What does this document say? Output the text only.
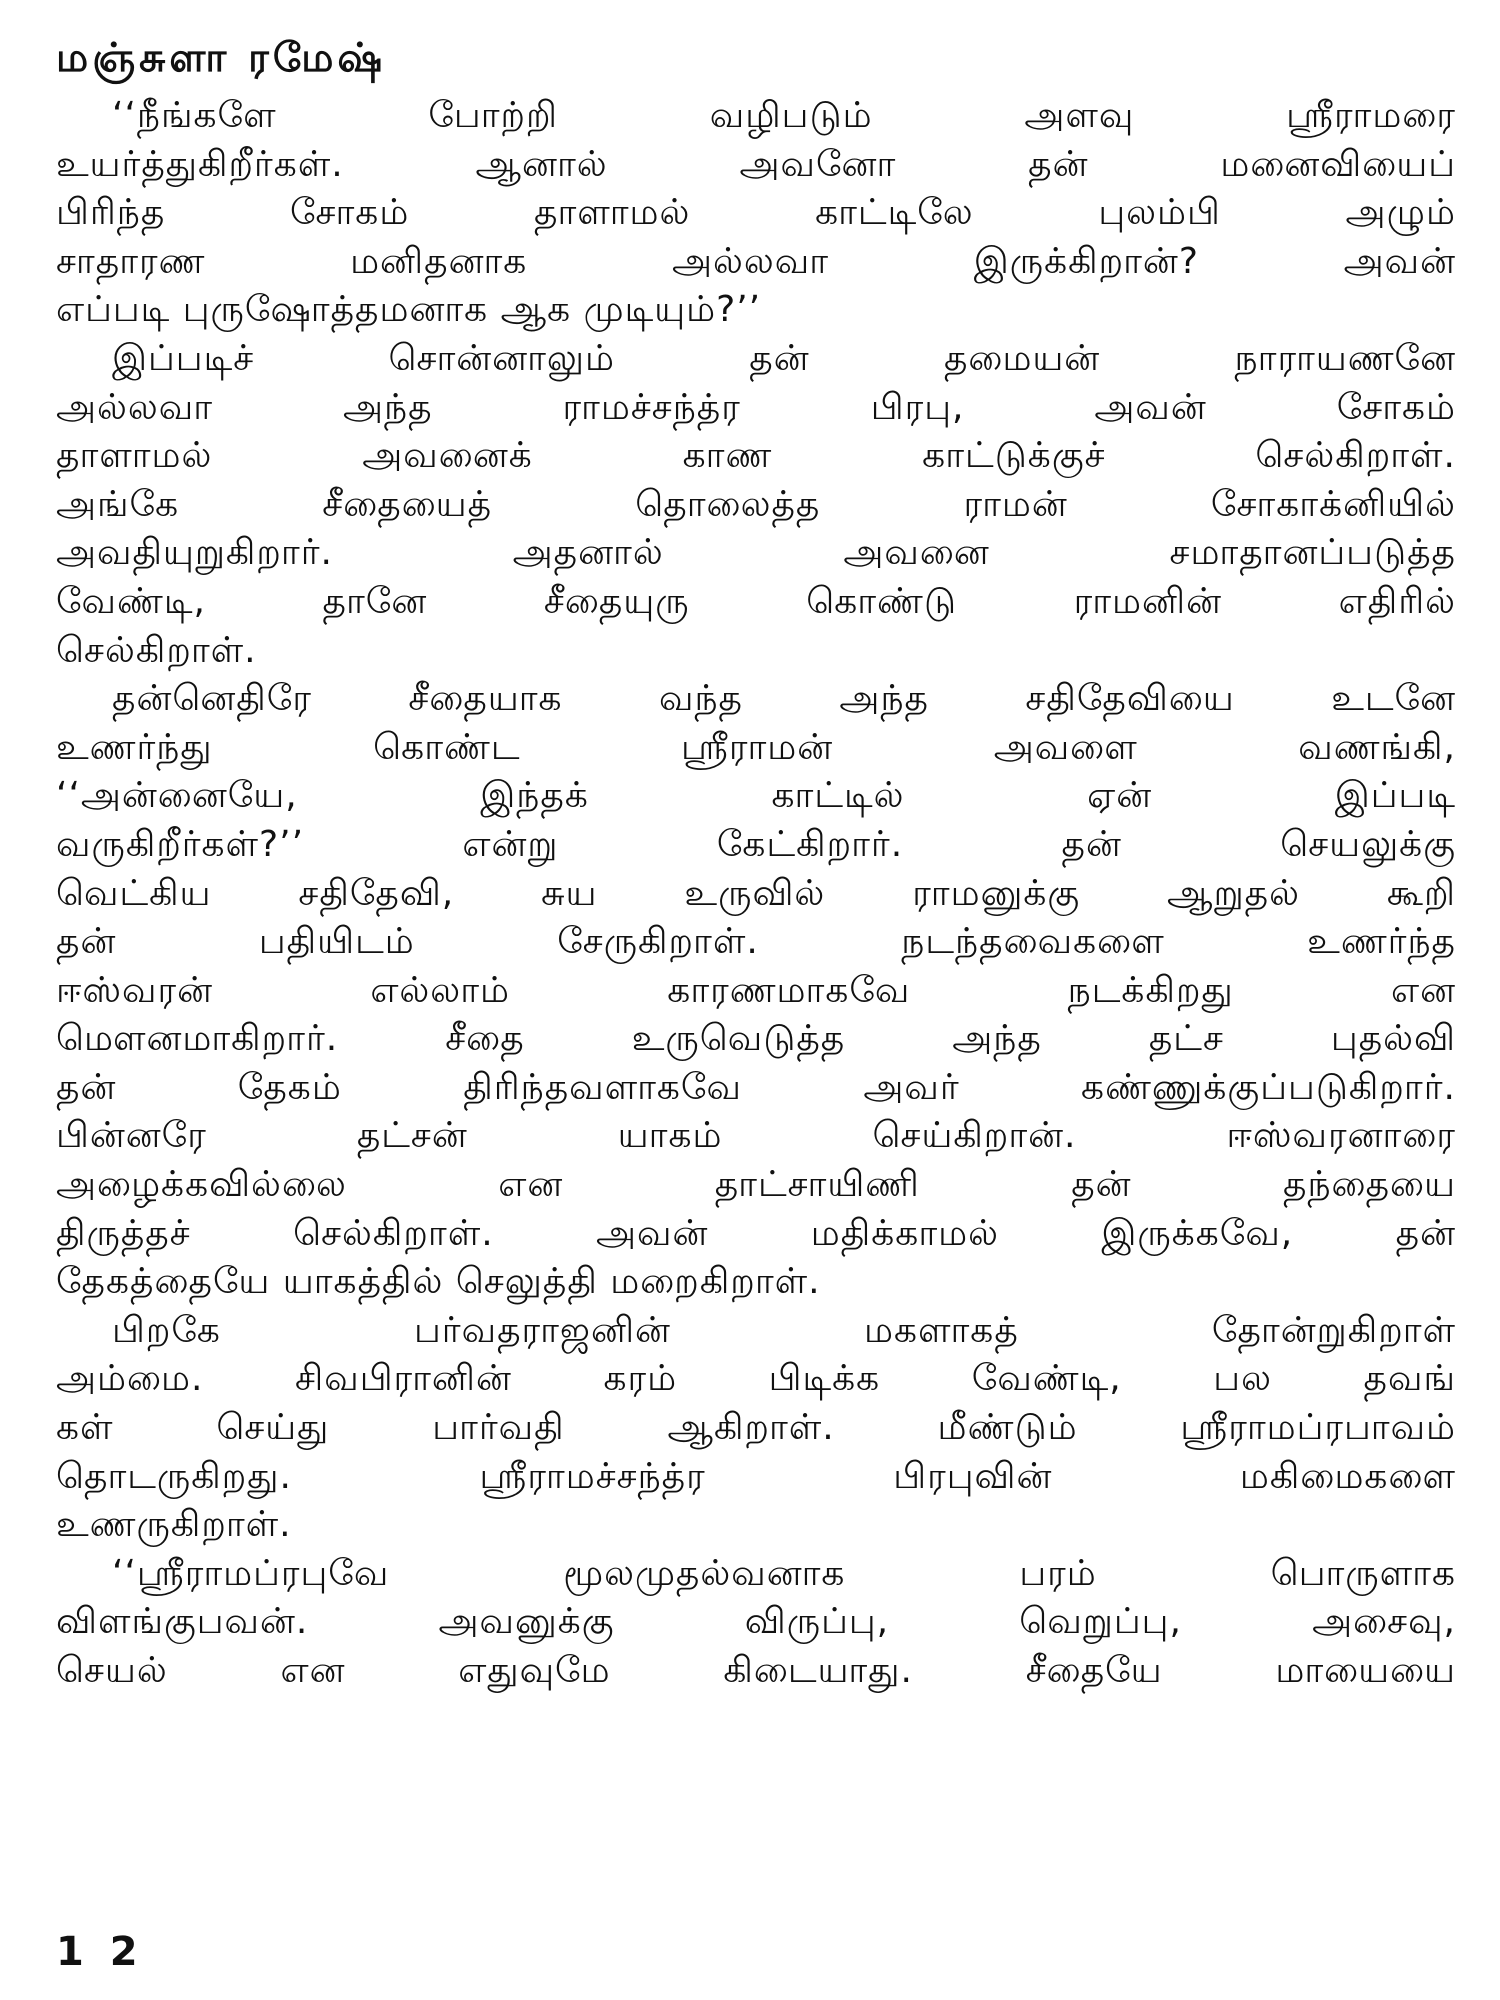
மஞ்சுளா ரமேஷ்
‘‘நீங்களே போற்றி வழிபடும் அளவு ஸ்ரீராமரை
உயர்த்துகிறீர்கள். ஆனால் அவனோ தன் மனைவியைப்
பிரிந்த சோகம் தாளாமல் காட்டிலே புலம்பி அழும்
சாதாரண மனிதனாக அல்லவா இருக்கிறான்? அவன்
எப்படி புருஷோத்தமனாக ஆக முடியும்?’’
இப்படிச் சொன்னாலும் தன் தமையன் நாராயணனே
அல்லவா அந்த ராமச்சந்த்ர பிரபு, அவன் சோகம்
தாளாமல் அவனைக் காண காட்டுக்குச் செல்கிறாள்.
அங்கே சீதையைத் தொலைத்த ராமன் சோகாக்னியில்
அவதியுறுகிறார். அதனால் அவனை சமாதானப்படுத்த
வேண்டி, தானே சீதையுரு கொண்டு ராமனின் எதிரில்
செல்கிறாள்.
தன்னெதிரே சீதையாக வந்த அந்த சதிதேவியை உடனே
உணர்ந்து கொண்ட ஸ்ரீராமன் அவளை வணங்கி,
‘‘அன்னையே, இந்தக் காட்டில் ஏன் இப்படி
வருகிறீர்கள்?’’ என்று கேட்கிறார். தன் செயலுக்கு
வெட்கிய சதிதேவி, சுய உருவில் ராமனுக்கு ஆறுதல் கூறி
தன் பதியிடம் சேருகிறாள். நடந்தவைகளை உணர்ந்த
ஈஸ்வரன் எல்லாம் காரணமாகவே நடக்கிறது என
மௌனமாகிறார். சீதை உருவெடுத்த அந்த தட்ச புதல்வி
தன் தேகம் திரிந்தவளாகவே அவர் கண்ணுக்குப்படுகிறார்.
பின்னரே தட்சன் யாகம் செய்கிறான். ஈஸ்வரனாரை
அழைக்கவில்லை என தாட்சாயிணி தன் தந்தையை
திருத்தச் செல்கிறாள். அவன் மதிக்காமல் இருக்கவே, தன்
தேகத்தையே யாகத்தில் செலுத்தி மறைகிறாள்.
பிறகே பர்வதராஜனின் மகளாகத் தோன்றுகிறாள்
அம்மை. சிவபிரானின் கரம் பிடிக்க வேண்டி, பல தவங்
கள் செய்து பார்வதி ஆகிறாள். மீண்டும் ஸ்ரீராமப்ரபாவம்
தொடருகிறது. ஸ்ரீராமச்சந்த்ர பிரபுவின் மகிமைகளை
உணருகிறாள்.
‘‘ஸ்ரீராமப்ரபுவே மூலமுதல்வனாக பரம் பொருளாக
விளங்குபவன். அவனுக்கு விருப்பு, வெறுப்பு, அசைவு,
செயல் என எதுவுமே கிடையாது. சீதையே மாயையை
1 2
